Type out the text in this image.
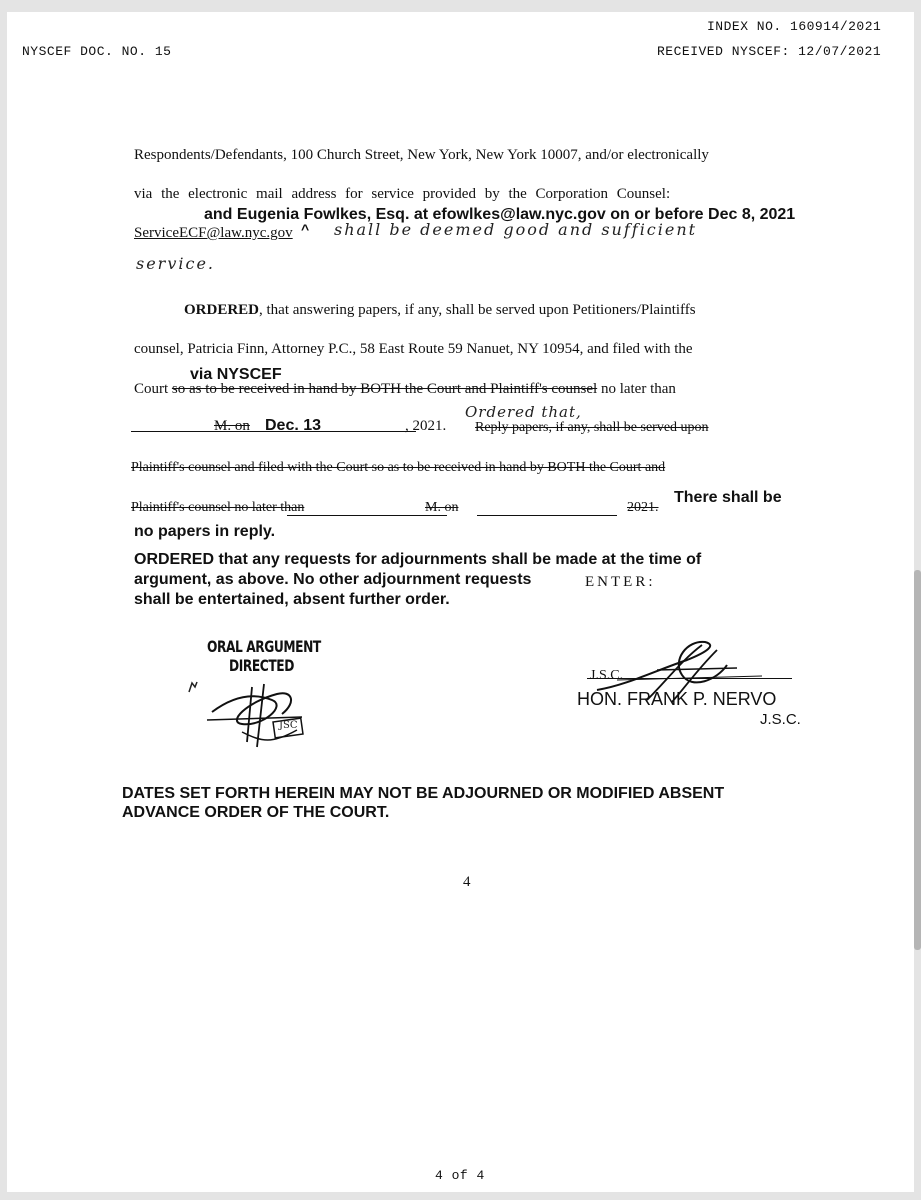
INDEX NO. 160914/2021
NYSCEF DOC. NO. 15	RECEIVED NYSCEF: 12/07/2021
Respondents/Defendants, 100 Church Street, New York, New York 10007, and/or electronically
via the electronic mail address for service provided by the Corporation Counsel:
and Eugenia Fowlkes, Esq. at efowlkes@law.nyc.gov on or before Dec 8, 2021
ServiceECF@law.nyc.gov ^ shall be deemed good and sufficient
service.
ORDERED, that answering papers, if any, shall be served upon Petitioners/Plaintiffs
counsel, Patricia Finn, Attorney P.C., 58 East Route 59 Nanuet, NY 10954, and filed with the
via NYSCEF
Court so as to be received in hand by BOTH the Court and Plaintiff's counsel no later than
M. on Dec. 13	, 2021.
Ordered that,
Reply papers, if any, shall be served upon
Plaintiff's counsel and filed with the Court so as to be received in hand by BOTH the Court and
Plaintiff's counsel no later than	M. on	2021.
There shall be
no papers in reply.
ORDERED that any requests for adjournments shall be made at the time of
argument, as above. No other adjournment requests	ENTER:
shall be entertained, absent further order.
ORAL ARGUMENT
DIRECTED
JSC
J.S.C.
HON. FRANK P. NERVO
J.S.C.
DATES SET FORTH HEREIN MAY NOT BE ADJOURNED OR MODIFIED ABSENT
ADVANCE ORDER OF THE COURT.
4
4 of 4
